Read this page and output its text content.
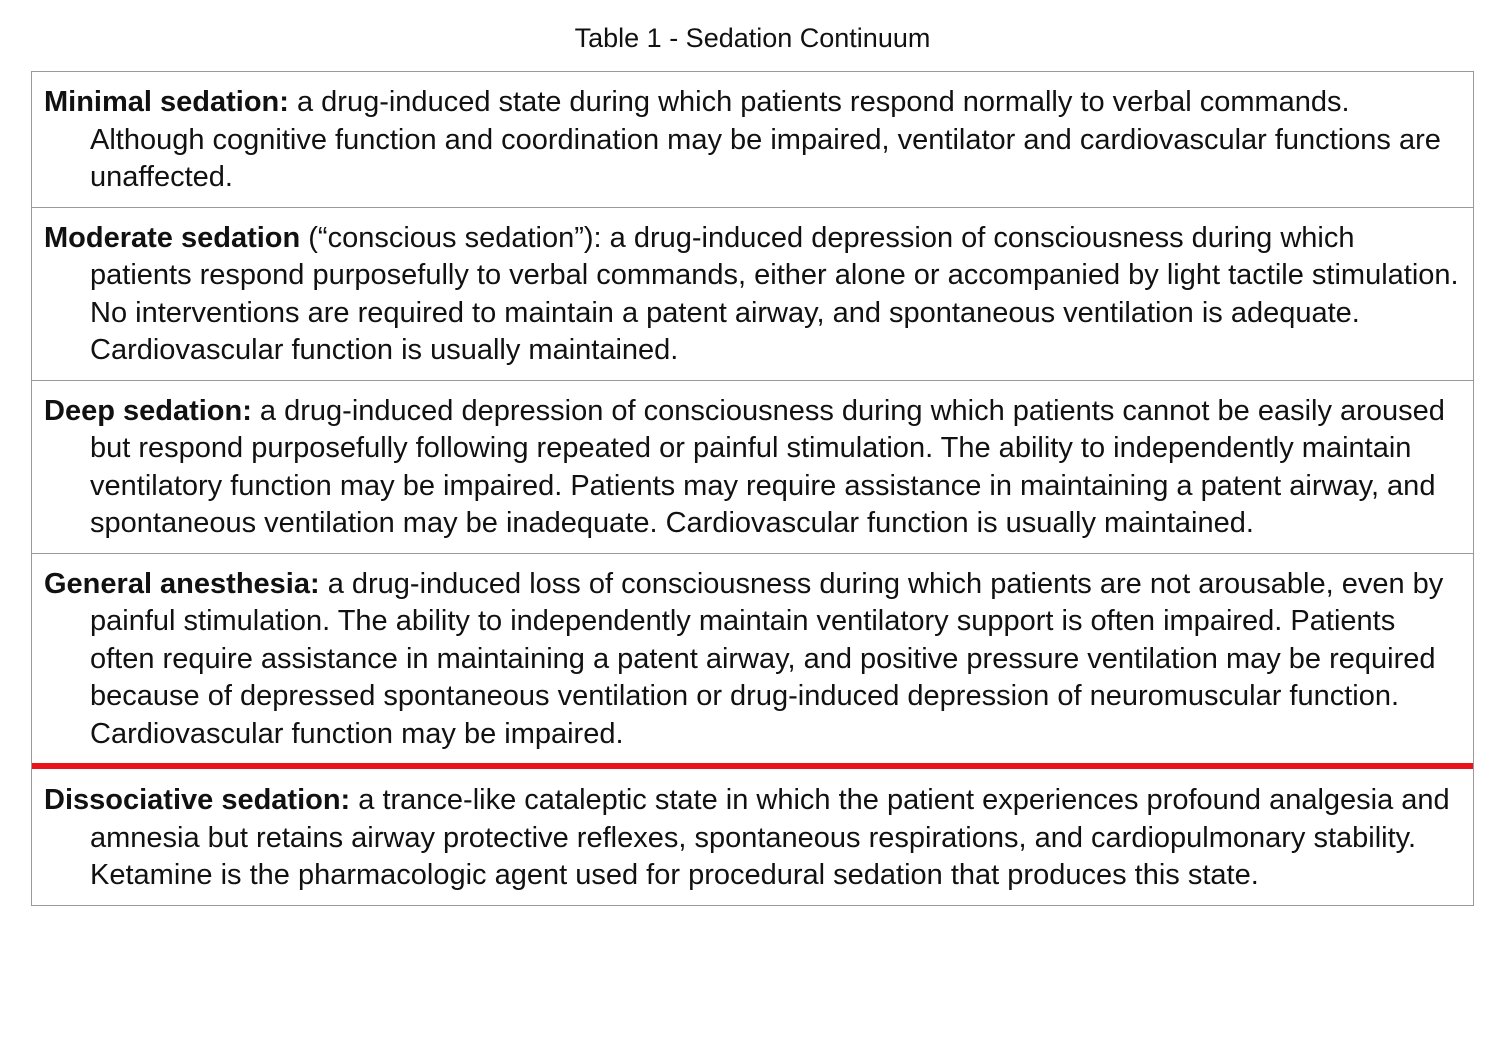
Table 1 - Sedation Continuum

Minimal sedation: a drug-induced state during which patients respond normally to verbal commands. Although cognitive function and coordination may be impaired, ventilator and cardiovascular functions are unaffected.

Moderate sedation (“conscious sedation”): a drug-induced depression of consciousness during which patients respond purposefully to verbal commands, either alone or accompanied by light tactile stimulation. No interventions are required to maintain a patent airway, and spontaneous ventilation is adequate. Cardiovascular function is usually maintained.

Deep sedation: a drug-induced depression of consciousness during which patients cannot be easily aroused but respond purposefully following repeated or painful stimulation. The ability to independently maintain ventilatory function may be impaired. Patients may require assistance in maintaining a patent airway, and spontaneous ventilation may be inadequate. Cardiovascular function is usually maintained.

General anesthesia: a drug-induced loss of consciousness during which patients are not arousable, even by painful stimulation. The ability to independently maintain ventilatory support is often impaired. Patients often require assistance in maintaining a patent airway, and positive pressure ventilation may be required because of depressed spontaneous ventilation or drug-induced depression of neuromuscular function. Cardiovascular function may be impaired.

Dissociative sedation: a trance-like cataleptic state in which the patient experiences profound analgesia and amnesia but retains airway protective reflexes, spontaneous respirations, and cardiopulmonary stability. Ketamine is the pharmacologic agent used for procedural sedation that produces this state.
